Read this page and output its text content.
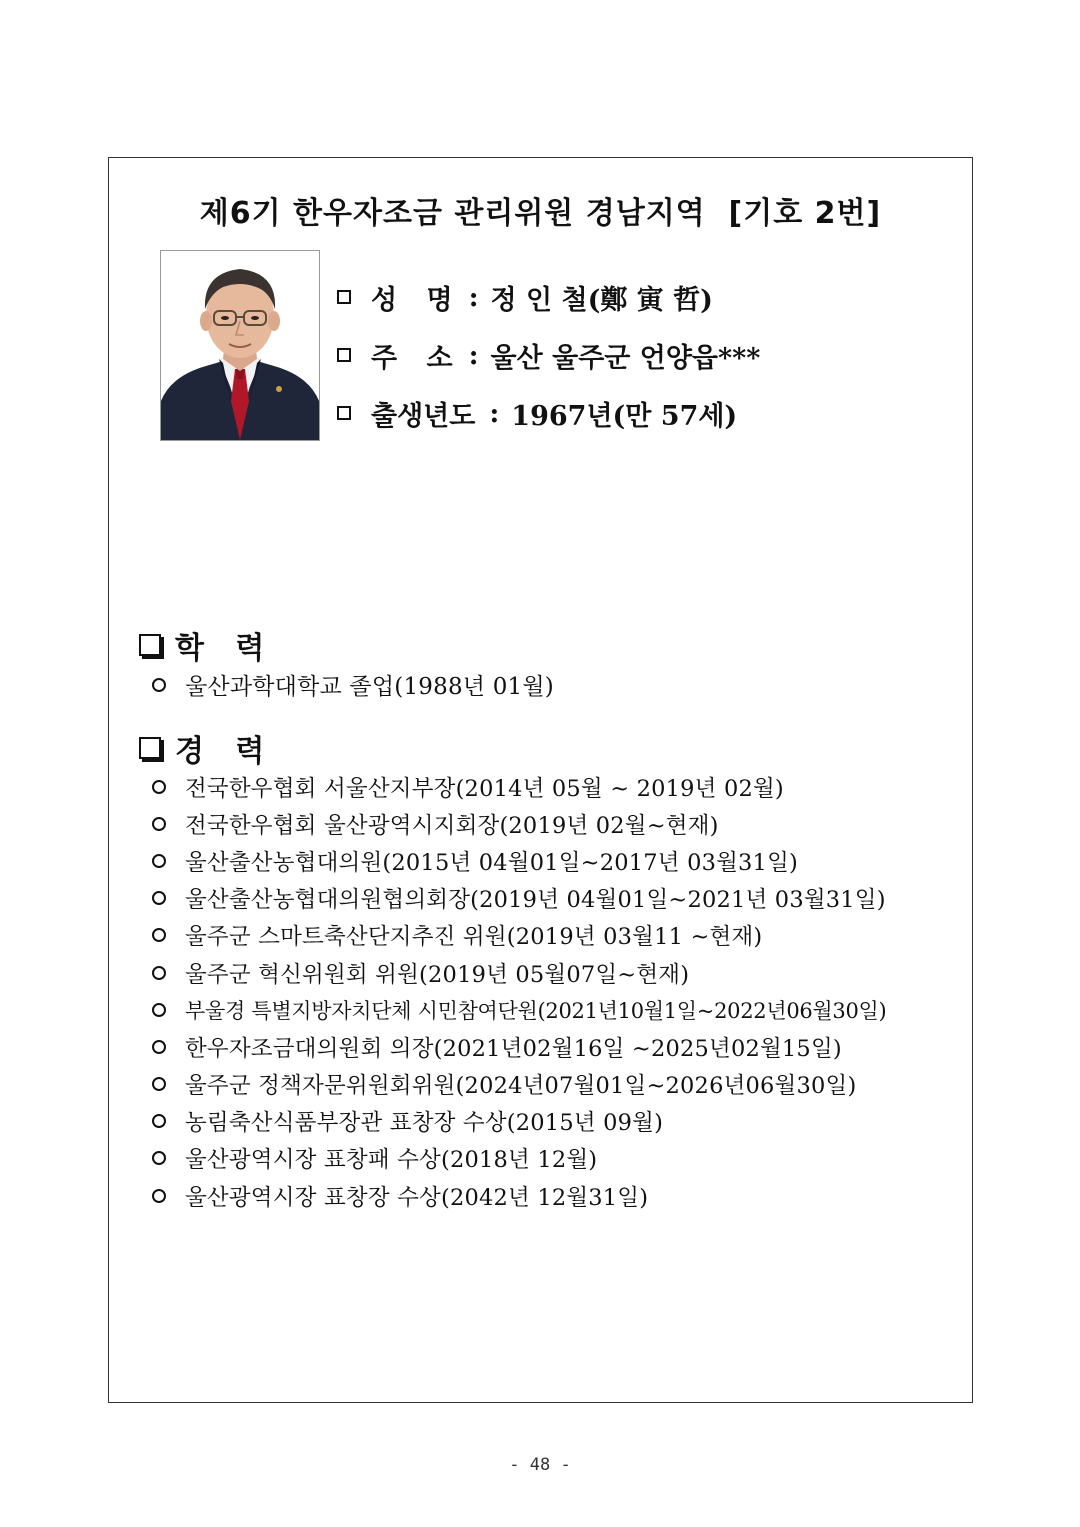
제6기 한우자조금 관리위원 경남지역  [기호 2번]
성 명 : 정 인 철(鄭 寅 哲)
주 소 : 울산 울주군 언양읍***
출생년도 : 1967년(만 57세)
학   력
울산과학대학교 졸업(1988년 01월)
경   력
전국한우협회 서울산지부장(2014년 05월 ~ 2019년 02월)
전국한우협회 울산광역시지회장(2019년 02월~현재)
울산출산농협대의원(2015년 04월01일~2017년 03월31일)
울산출산농협대의원협의회장(2019년 04월01일~2021년 03월31일)
울주군 스마트축산단지추진 위원(2019년 03월11 ~현재)
울주군 혁신위원회 위원(2019년 05월07일~현재)
부울경 특별지방자치단체 시민참여단원(2021년10월1일~2022년06월30일)
한우자조금대의원회 의장(2021년02월16일 ~2025년02월15일)
울주군 정책자문위원회위원(2024년07월01일~2026년06월30일)
농림축산식품부장관 표창장 수상(2015년 09월)
울산광역시장 표창패 수상(2018년 12월)
울산광역시장 표창장 수상(2042년 12월31일)
- 48 -
